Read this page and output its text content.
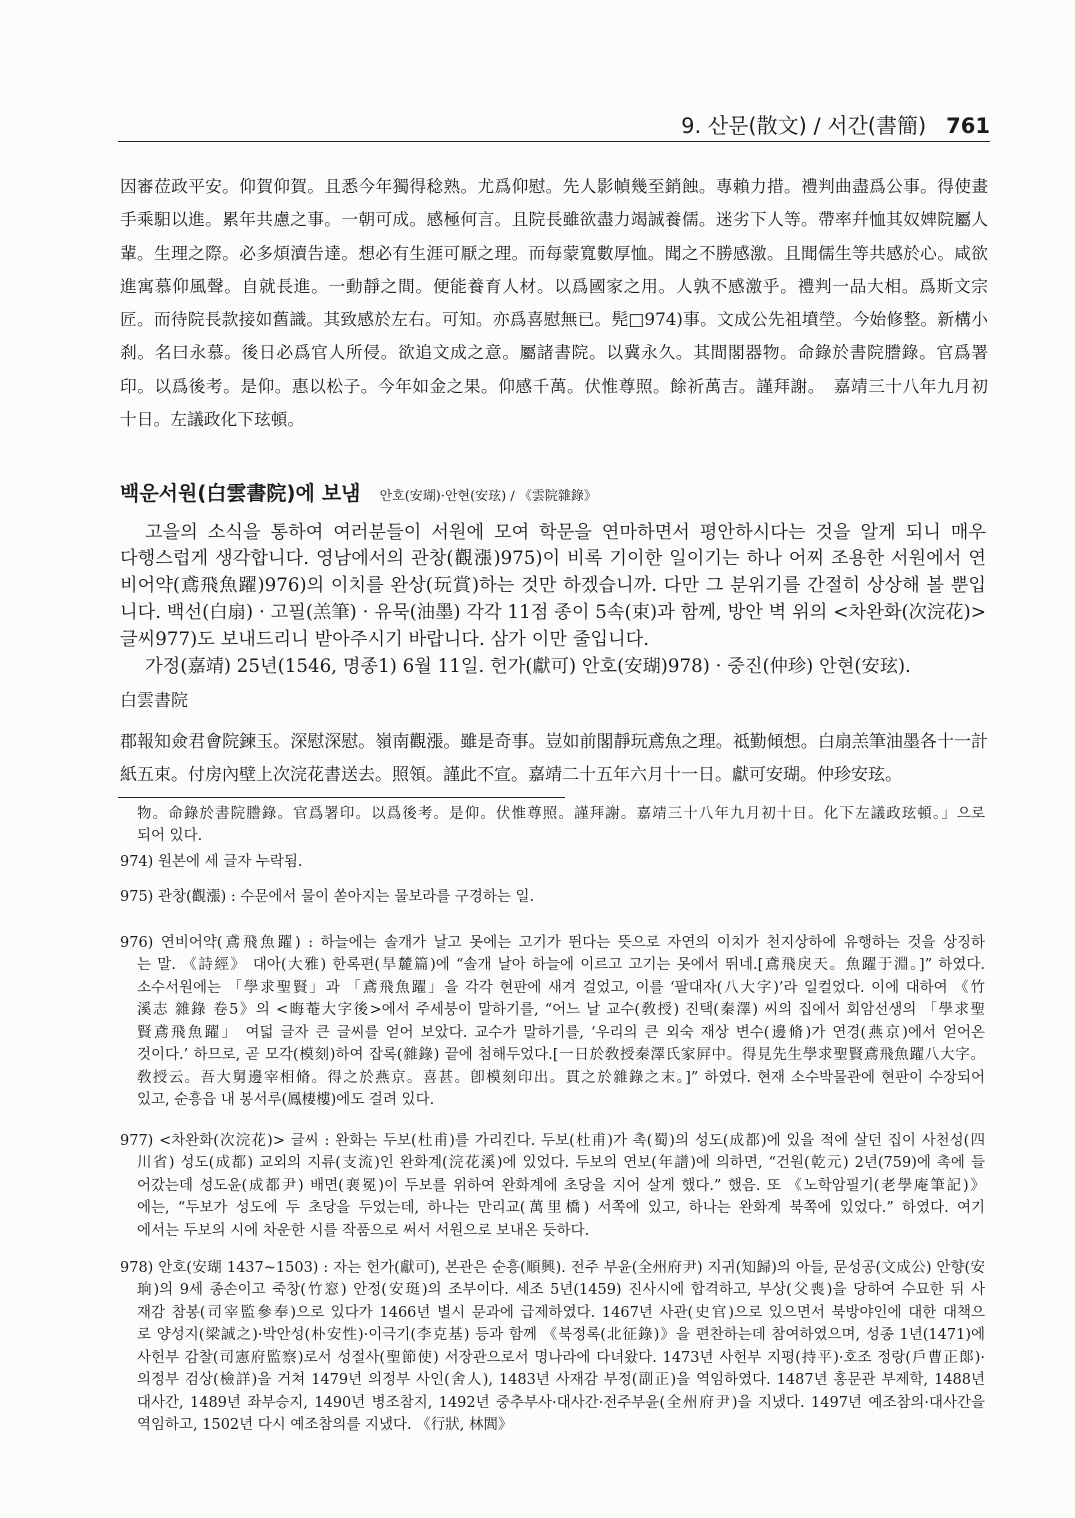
9. 산문(散文) / 서간(書簡) 761
因審莅政平安。仰賀仰賀。且悉今年獨得稔熟。尤爲仰慰。先人影幀幾至銷蝕。專賴力措。禮判曲盡爲公事。得使畫
手乘馹以進。累年共慮之事。一朝可成。感極何言。且院長雖欲盡力竭誠養儒。迷劣下人等。帶率幷恤其奴婢院屬人
輩。生理之際。必多煩瀆告達。想必有生涯可厭之理。而每蒙寬數厚恤。聞之不勝感激。且聞儒生等共感於心。咸欲
進寓慕仰風聲。自就長進。一動靜之間。便能養育人材。以爲國家之用。人孰不感激乎。禮判一品大相。爲斯文宗
匠。而待院長款接如舊識。其致感於左右。可知。亦爲喜慰無已。髡□974)事。文成公先祖墳塋。今始修整。新構小
刹。名曰永慕。後日必爲官人所侵。欲追文成之意。屬諸書院。以冀永久。其間閣器物。命錄於書院謄錄。官爲署
印。以爲後考。是仰。惠以松子。今年如金之果。仰感千萬。伏惟尊照。餘祈萬吉。謹拜謝。　嘉靖三十八年九月初
十日。左議政化下玹頓。
백운서원(白雲書院)에 보냄 안호(安瑚)·안현(安玹) / 《雲院雜錄》
고을의 소식을 통하여 여러분들이 서원에 모여 학문을 연마하면서 평안하시다는 것을 알게 되니 매우
다행스럽게 생각합니다. 영남에서의 관창(觀漲)975)이 비록 기이한 일이기는 하나 어찌 조용한 서원에서 연
비어약(鳶飛魚躍)976)의 이치를 완상(玩賞)하는 것만 하겠습니까. 다만 그 분위기를 간절히 상상해 볼 뿐입
니다. 백선(白扇) · 고필(羔筆) · 유묵(油墨) 각각 11점 종이 5속(束)과 함께, 방안 벽 위의 <차완화(次浣花)>
글씨977)도 보내드리니 받아주시기 바랍니다. 삼가 이만 줄입니다.
가정(嘉靖) 25년(1546, 명종1) 6월 11일. 헌가(獻可) 안호(安瑚)978) · 중진(仲珍) 안현(安玹).
白雲書院
郡報知僉君會院鍊玉。深慰深慰。嶺南觀漲。雖是奇事。豈如前閣靜玩鳶魚之理。祗勤傾想。白扇羔筆油墨各十一計
紙五束。付房內壁上次浣花書送去。照領。謹此不宣。嘉靖二十五年六月十一日。獻可安瑚。仲珍安玹。
物。命錄於書院謄錄。官爲署印。以爲後考。是仰。伏惟尊照。謹拜謝。嘉靖三十八年九月初十日。化下左議政玹頓。」으로
되어 있다.
974) 원본에 세 글자 누락됨.
975) 관창(觀漲) : 수문에서 물이 쏟아지는 물보라를 구경하는 일.
976) 연비어약(鳶飛魚躍) : 하늘에는 솔개가 날고 못에는 고기가 뛴다는 뜻으로 자연의 이치가 천지상하에 유행하는 것을 상징하
는 말. 《詩經》 대아(大雅) 한록편(旱麓篇)에 “솔개 날아 하늘에 이르고 고기는 못에서 뛰네.[鳶飛戾天。魚躍于淵。]” 하였다.
소수서원에는 「學求聖賢」과 「鳶飛魚躍」을 각각 현판에 새겨 걸었고, 이를 ‘팔대자(八大字)’라 일컬었다. 이에 대하여 《竹
溪志 雜錄 卷5》의 <晦菴大字後>에서 주세붕이 말하기를, “어느 날 교수(敎授) 진택(秦澤) 씨의 집에서 회암선생의 「學求聖
賢鳶飛魚躍」 여덟 글자 큰 글씨를 얻어 보았다. 교수가 말하기를, ‘우리의 큰 외숙 재상 변수(邊脩)가 연경(燕京)에서 얻어온
것이다.’ 하므로, 곧 모각(模刻)하여 잡록(雜錄) 끝에 첨해두었다.[一日於敎授秦澤氏家屛中。得見先生學求聖賢鳶飛魚躍八大字。
敎授云。吾大舅邊宰相脩。得之於燕京。喜甚。卽模刻印出。貫之於雜錄之末。]” 하였다. 현재 소수박물관에 현판이 수장되어
있고, 순흥읍 내 봉서루(鳳棲樓)에도 걸려 있다.
977) <차완화(次浣花)> 글씨 : 완화는 두보(杜甫)를 가리킨다. 두보(杜甫)가 촉(蜀)의 성도(成都)에 있을 적에 살던 집이 사천성(四
川省) 성도(成都) 교외의 지류(支流)인 완화계(浣花溪)에 있었다. 두보의 연보(年譜)에 의하면, “건원(乾元) 2년(759)에 촉에 들
어갔는데 성도윤(成都尹) 배면(裵冕)이 두보를 위하여 완화계에 초당을 지어 살게 했다.” 했음. 또 《노학암필기(老學庵筆記)》
에는, “두보가 성도에 두 초당을 두었는데, 하나는 만리교(萬里橋) 서쪽에 있고, 하나는 완화계 북쪽에 있었다.” 하였다. 여기
에서는 두보의 시에 차운한 시를 작품으로 써서 서원으로 보내온 듯하다.
978) 안호(安瑚 1437~1503) : 자는 헌가(獻可), 본관은 순흥(順興). 전주 부윤(全州府尹) 지귀(知歸)의 아들, 문성공(文成公) 안향(安
珦)의 9세 종손이고 죽창(竹窓) 안정(安珽)의 조부이다. 세조 5년(1459) 진사시에 합격하고, 부상(父喪)을 당하여 수묘한 뒤 사
재감 참봉(司宰監參奉)으로 있다가 1466년 별시 문과에 급제하였다. 1467년 사관(史官)으로 있으면서 북방야인에 대한 대책으
로 양성지(梁誠之)·박안성(朴安性)·이극기(李克基) 등과 함께 《북정록(北征錄)》을 편찬하는데 참여하였으며, 성종 1년(1471)에
사헌부 감찰(司憲府監察)로서 성절사(聖節使) 서장관으로서 명나라에 다녀왔다. 1473년 사헌부 지평(持平)·호조 정랑(戶曹正郞)·
의정부 검상(檢詳)을 거쳐 1479년 의정부 사인(舍人), 1483년 사재감 부정(副正)을 역임하였다. 1487년 홍문관 부제학, 1488년
대사간, 1489년 좌부승지, 1490년 병조참지, 1492년 중추부사·대사간·전주부윤(全州府尹)을 지냈다. 1497년 예조참의·대사간을
역임하고, 1502년 다시 예조참의를 지냈다. 《行狀, 林閭》
